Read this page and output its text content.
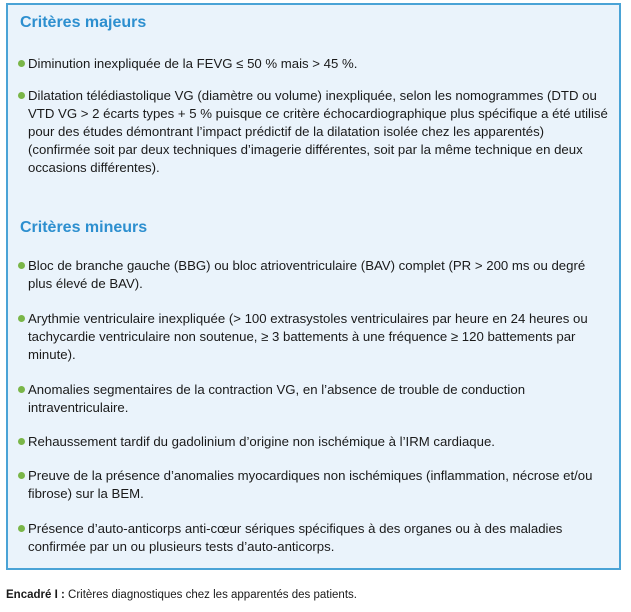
Critères majeurs
Diminution inexpliquée de la FEVG ≤ 50 % mais > 45 %.
Dilatation télédiastolique VG (diamètre ou volume) inexpliquée, selon les nomogrammes (DTD ou VTD VG > 2 écarts types + 5 % puisque ce critère échocardiographique plus spécifique a été utilisé pour des études démontrant l’impact prédictif de la dilatation isolée chez les apparentés) (confirmée soit par deux techniques d’imagerie différentes, soit par la même technique en deux occasions différentes).
Critères mineurs
Bloc de branche gauche (BBG) ou bloc atrioventriculaire (BAV) complet (PR > 200 ms ou degré plus élevé de BAV).
Arythmie ventriculaire inexpliquée (> 100 extrasystoles ventriculaires par heure en 24 heures ou tachycardie ventriculaire non soutenue, ≥ 3 battements à une fréquence ≥ 120 battements par minute).
Anomalies segmentaires de la contraction VG, en l’absence de trouble de conduction intraventriculaire.
Rehaussement tardif du gadolinium d’origine non ischémique à l’IRM cardiaque.
Preuve de la présence d’anomalies myocardiques non ischémiques (inflammation, nécrose et/ou fibrose) sur la BEM.
Présence d’auto-anticorps anti-cœur sériques spécifiques à des organes ou à des maladies confirmée par un ou plusieurs tests d’auto-anticorps.
Encadré I : Critères diagnostiques chez les apparentés des patients.
